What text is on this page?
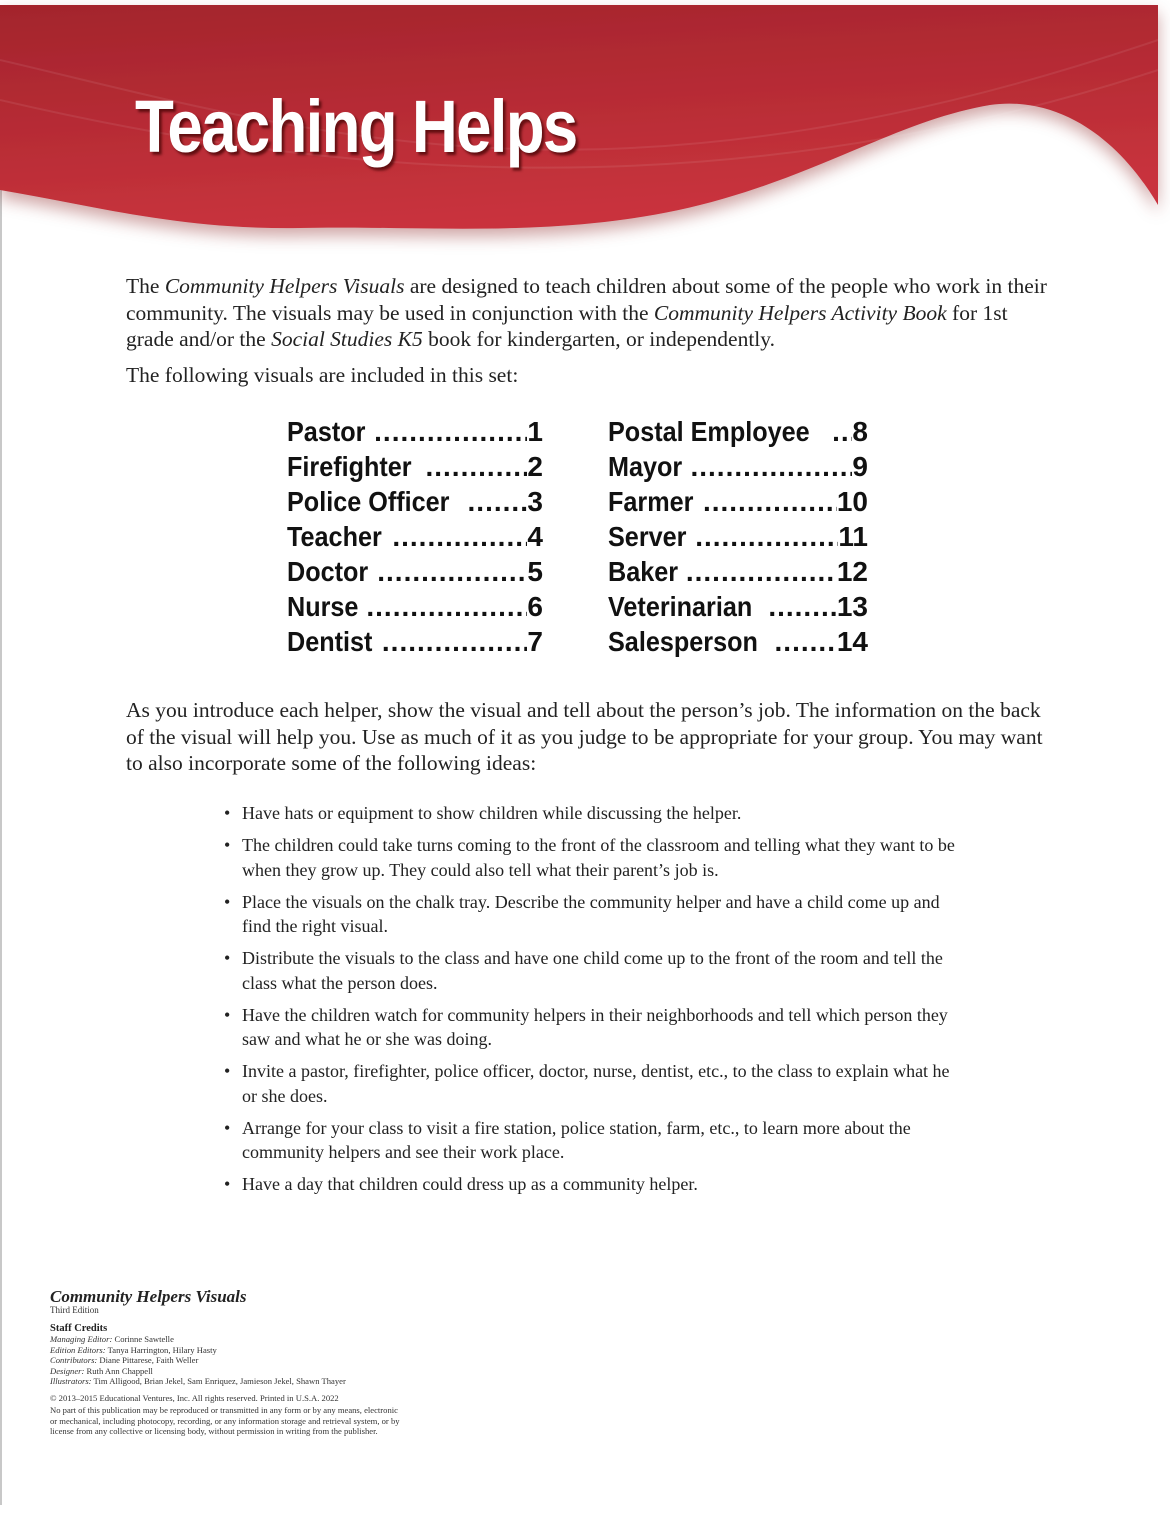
Teaching Helps

The Community Helpers Visuals are designed to teach children about some of the people who work in their community. The visuals may be used in conjunction with the Community Helpers Activity Book for 1st grade and/or the Social Studies K5 book for kindergarten, or independently.

The following visuals are included in this set:

Pastor .....	1
Firefighter .....	2
Police Officer .....	3
Teacher .....	4
Doctor .....	5
Nurse .....	6
Dentist .....	7
Postal Employee ..... 8
Mayor .....	9
Farmer .....	10
Server .....	11
Baker .....	12
Veterinarian .....	13
Salesperson .....	14

As you introduce each helper, show the visual and tell about the person’s job. The information on the back of the visual will help you. Use as much of it as you judge to be appropriate for your group. You may want to also incorporate some of the following ideas:

• Have hats or equipment to show children while discussing the helper.
• The children could take turns coming to the front of the classroom and telling what they want to be when they grow up. They could also tell what their parent’s job is.
• Place the visuals on the chalk tray. Describe the community helper and have a child come up and find the right visual.
• Distribute the visuals to the class and have one child come up to the front of the room and tell the class what the person does.
• Have the children watch for community helpers in their neighborhoods and tell which person they saw and what he or she was doing.
• Invite a pastor, firefighter, police officer, doctor, nurse, dentist, etc., to the class to explain what he or she does.
• Arrange for your class to visit a fire station, police station, farm, etc., to learn more about the community helpers and see their work place.
• Have a day that children could dress up as a community helper.
Community Helpers Visuals
Third Edition
Staff Credits
Managing Editor: Corinne Sawtelle
Edition Editors: Tanya Harrington, Hilary Hasty
Contributors: Diane Pittarese, Faith Weller
Designer: Ruth Ann Chappell
Illustrators: Tim Alligood, Brian Jekel, Sam Enriquez, Jamieson Jekel, Shawn Thayer
© 2013–2015 Educational Ventures, Inc. All rights reserved. Printed in U.S.A. 2022
No part of this publication may be reproduced or transmitted in any form or by any means, electronic or mechanical, including photocopy, recording, or any information storage and retrieval system, or by license from any collective or licensing body, without permission in writing from the publisher.
